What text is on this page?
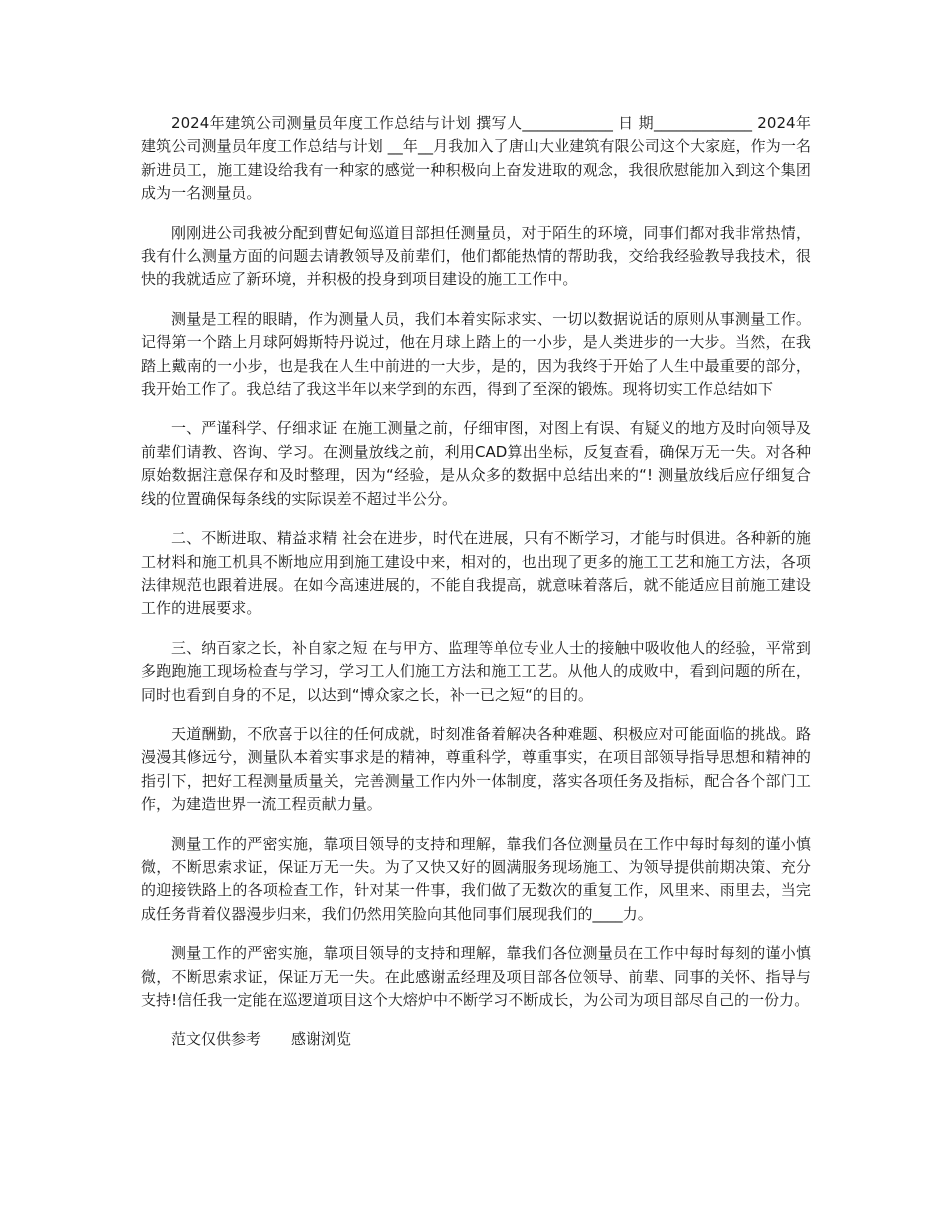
2024年建筑公司测量员年度工作总结与计划 撰写人____________ 日 期_____________ 2024年建筑公司测量员年度工作总结与计划 __年__月我加入了唐山大业建筑有限公司这个大家庭，作为一名新进员工，施工建设给我有一种家的感觉一种积极向上奋发进取的观念，我很欣慰能加入到这个集团成为一名测量员。

刚刚进公司我被分配到曹妃甸巡道目部担任测量员，对于陌生的环境，同事们都对我非常热情，我有什么测量方面的问题去请教领导及前辈们，他们都能热情的帮助我，交给我经验教导我技术，很快的我就适应了新环境，并积极的投身到项目建设的施工工作中。

测量是工程的眼睛，作为测量人员，我们本着实际求实、一切以数据说话的原则从事测量工作。记得第一个踏上月球阿姆斯特丹说过，他在月球上踏上的一小步，是人类进步的一大步。当然，在我踏上戴南的一小步，也是我在人生中前进的一大步，是的，因为我终于开始了人生中最重要的部分，我开始工作了。我总结了我这半年以来学到的东西，得到了至深的锻炼。现将切实工作总结如下

一、严谨科学、仔细求证 在施工测量之前，仔细审图，对图上有误、有疑义的地方及时向领导及前辈们请教、咨询、学习。在测量放线之前，利用CAD算出坐标，反复查看，确保万无一失。对各种原始数据注意保存和及时整理，因为“经验，是从众多的数据中总结出来的“! 测量放线后应仔细复合线的位置确保每条线的实际误差不超过半公分。

二、不断进取、精益求精 社会在进步，时代在进展，只有不断学习，才能与时俱进。各种新的施工材料和施工机具不断地应用到施工建设中来，相对的，也出现了更多的施工工艺和施工方法，各项法律规范也跟着进展。在如今高速进展的，不能自我提高，就意味着落后，就不能适应目前施工建设工作的进展要求。

三、纳百家之长，补自家之短 在与甲方、监理等单位专业人士的接触中吸收他人的经验，平常到多跑跑施工现场检查与学习，学习工人们施工方法和施工工艺。从他人的成败中，看到问题的所在，同时也看到自身的不足，以达到“博众家之长，补一已之短“的目的。

天道酬勤，不欣喜于以往的任何成就，时刻准备着解决各种难题、积极应对可能面临的挑战。路漫漫其修远兮，测量队本着实事求是的精神，尊重科学，尊重事实，在项目部领导指导思想和精神的指引下，把好工程测量质量关，完善测量工作内外一体制度，落实各项任务及指标，配合各个部门工作，为建造世界一流工程贡献力量。

测量工作的严密实施，靠项目领导的支持和理解，靠我们各位测量员在工作中每时每刻的谨小慎微，不断思索求证，保证万无一失。为了又快又好的圆满服务现场施工、为领导提供前期决策、充分的迎接铁路上的各项检查工作，针对某一件事，我们做了无数次的重复工作，风里来、雨里去，当完成任务背着仪器漫步归来，我们仍然用笑脸向其他同事们展现我们的____力。

测量工作的严密实施，靠项目领导的支持和理解，靠我们各位测量员在工作中每时每刻的谨小慎微，不断思索求证，保证万无一失。在此感谢孟经理及项目部各位领导、前辈、同事的关怀、指导与支持!信任我一定能在巡逻道项目这个大熔炉中不断学习不断成长，为公司为项目部尽自己的一份力。

范文仅供参考 感谢浏览
